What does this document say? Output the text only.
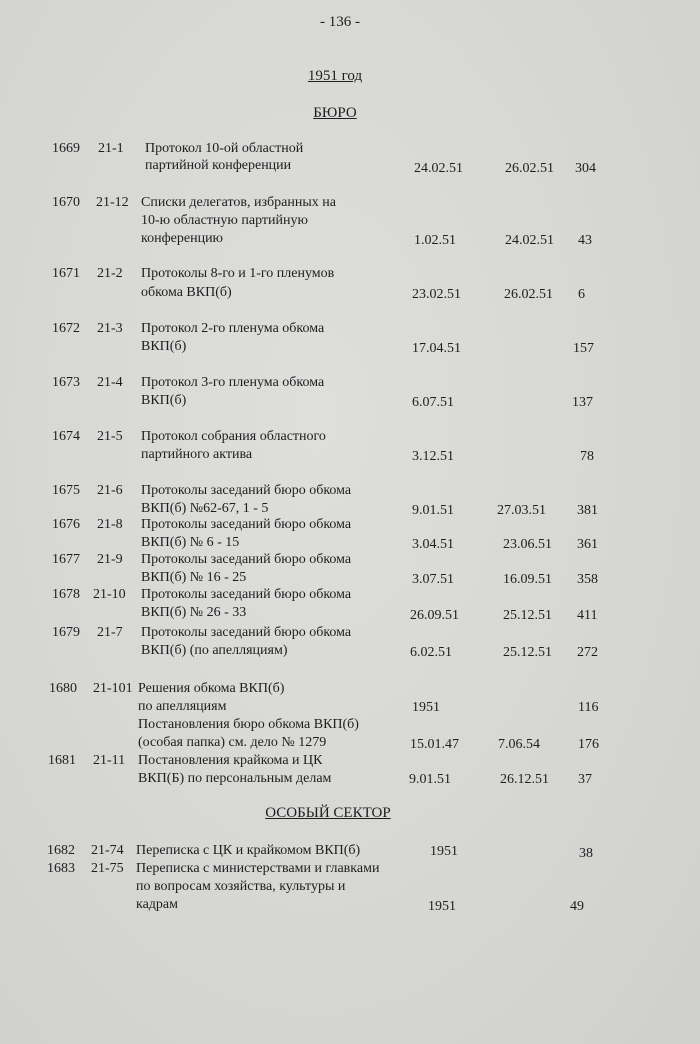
- 136 -
1951 год
БЮРО
1669 21-1 Протокол 10-ой областной
партийной конференции	24.02.51	26.02.51 304
1670 21-12 Списки делегатов, избранных на
10-ю областную партийную
конференцию	1.02.51	24.02.51 43
1671 21-2 Протоколы 8-го и 1-го пленумов
обкома ВКП(б)	23.02.51	26.02.51 6
1672 21-3 Протокол 2-го пленума обкома
ВКП(б)	17.04.51	157
1673 21-4 Протокол 3-го пленума обкома
ВКП(б)	6.07.51	137
1674 21-5 Протокол собрания областного
партийного актива	3.12.51	78
1675 21-6 Протоколы заседаний бюро обкома
ВКП(б) №62-67, 1 - 5	9.01.51	27.03.51 381
1676 21-8 Протоколы заседаний бюро обкома
ВКП(б) № 6 - 15	3.04.51	23.06.51 361
1677 21-9 Протоколы заседаний бюро обкома
ВКП(б) № 16 - 25	3.07.51	16.09.51 358
1678 21-10 Протоколы заседаний бюро обкома
ВКП(б) № 26 - 33	26.09.51	25.12.51 411
1679 21-7 Протоколы заседаний бюро обкома
ВКП(б) (по апелляциям)	6.02.51	25.12.51 272
1680 21-101 Решения обкома ВКП(б)
по апелляциям	1951	116
Постановления бюро обкома ВКП(б)
(особая папка) см. дело № 1279	15.01.47	7.06.54	176
1681 21-11 Постановления крайкома и ЦК
ВКП(Б) по персональным делам	9.01.51	26.12.51 37
ОСОБЫЙ СЕКТОР
1682 21-74 Переписка с ЦК и крайкомом ВКП(б)	1951	38
1683 21-75 Переписка с министерствами и главками
по вопросам хозяйства, культуры и
кадрам	1951	49
